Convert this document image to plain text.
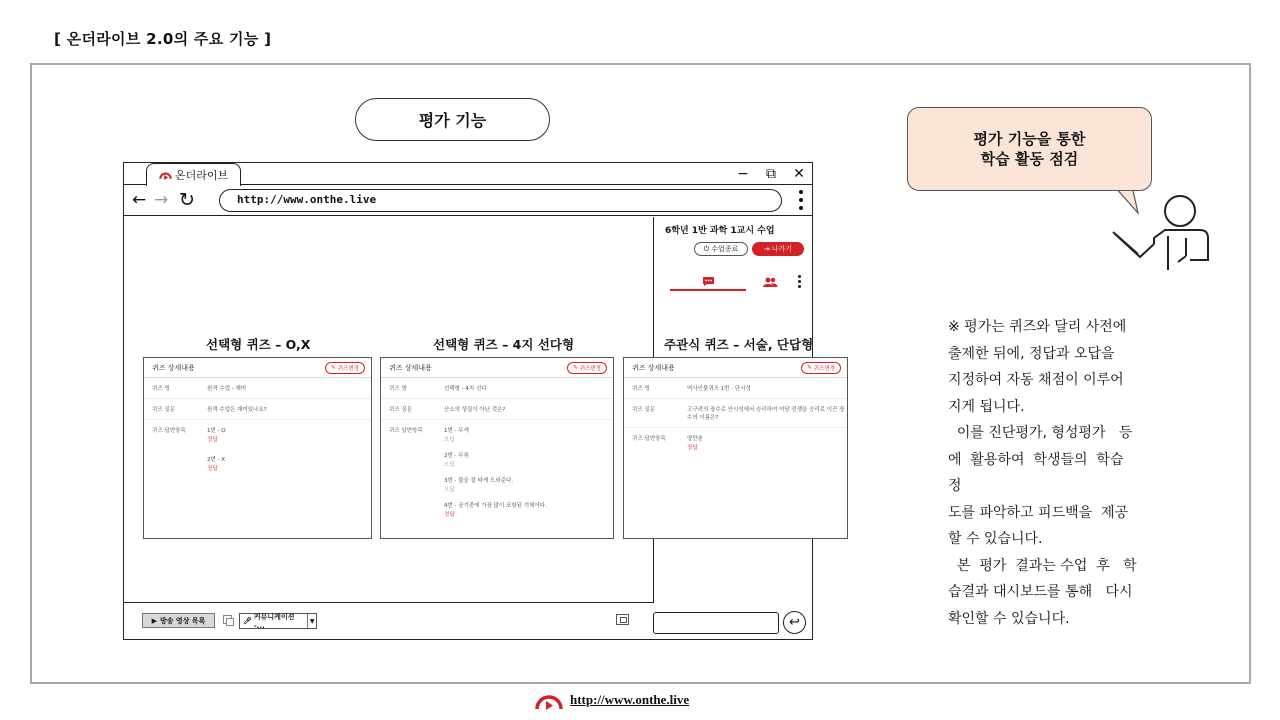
[ 온더라이브 2.0의 주요 기능 ]
평가 기능
온더라이브	− ⧉ ✕
← → ↻	http://www.onthe.live
6학년 1반 과학 1교시 수업
⏻ 수업종료	⇥ 나가기
▶ 방송 영상 목록	🎤︎ 커뮤니케이션 -...
▼	↩
선택형 퀴즈 – O,X	선택형 퀴즈 – 4지 선다형	주관식 퀴즈 – 서술, 단답형
퀴즈 상세내용	✎ 퀴즈변경
퀴즈 명	원격 수업 - 재미
퀴즈 질문	원격 수업은 재미있나요?
퀴즈 답변항목	1번 - O
정답
2번 - X
정답
퀴즈 상세내용	✎ 퀴즈변경
퀴즈 명	선택형 - 4지 선다
퀴즈 질문	산소의 성질이 아닌 것은?
퀴즈 답변항목	1번 - 무색
오답
2번 - 무취
오답
3번 - 불을 잘 타게 도와준다.
오답
4번 - 공기중에 가장 많이 포함된 기체이다.
정답
퀴즈 상세내용	✎ 퀴즈변경
퀴즈 명	역사인물퀴즈 1번 - 단시성
퀴즈 질문	고구려의 장수로 안시성에서 승리하여 여당 전쟁을 승리로 이끈 장수의 이름은?
퀴즈 답변항목	양만춘
정답
평가 기능을 통한
학습 활동 점검

※ 평가는 퀴즈와 달리 사전에

출제한 뒤에, 정답과 오답을

지정하여 자동 채점이 이루어

지게 됩니다.

이를 진단평가, 형성평가   등

에  활용하여  학생들의  학습

정

도를 파악하고 피드백을  제공

할 수 있습니다.

본  평가  결과는 수업  후   학

습결과 대시보드를 통해   다시

확인할 수 있습니다.

http://www.onthe.live
